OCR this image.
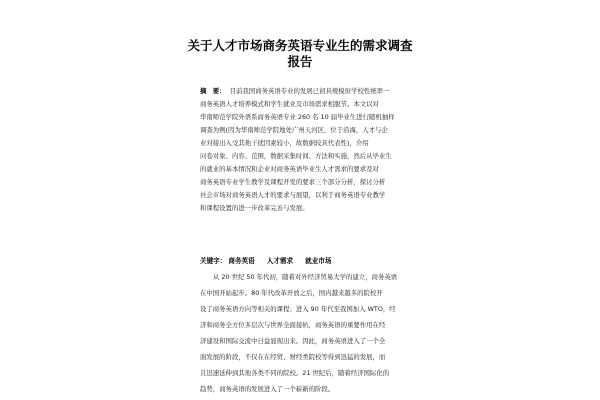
关于人才市场商务英语专业生的需求调查
报告
摘　要： 目前我国商务英语专业的发展已初具规模但学校性统率一
商务英语人才培养模式和学生就业及市场需求相脱节。本文以对
华南师范学院外语系商务英语专业 260 名 10 届毕业生进行随机抽样
调查为例(因为华南师范学院地处广州天河区，位于沿海，人才与企
业对接出入受其他干扰因素较小，故数据较具代表性)，介绍
问卷对象、内容、范围，数据采集时间、方法和实施，然后从毕业生
的就业的基本情况和企业对商务英语毕业生人才需求的要求及对
商务英语专业学生教学及课程开发的要求三个部分分析，探讨分析
社会市场对商务英语人才的要求与展望，以利于商务英语专业教学
和课程设置的进一步改革完善与发展。
关键字： 商务英语 人才需求 就业市场
从 20 世纪 50 年代初，随着对外经济贸易大学的建立，商务英语
在中国开始起步。80 年代改革开放之后，国内越来越多的院校开
设了商务英语方向等相关的课程；进入 90 年代至我国加入 WTO，经
济和商务全方位多层次与世界全面接轨，商务英语的重要作用在经
济建设和国际交流中日益显现出来。因此，商务英语进入了一个全
面发展的阶段，不仅在在经贸、财经类院校等得到迅猛的发展，而
且迅速延伸到其他各类不同的院校。21 世纪后，随着经济国际化的
趋势，商务英语的发展进入了一个崭新的阶段。
